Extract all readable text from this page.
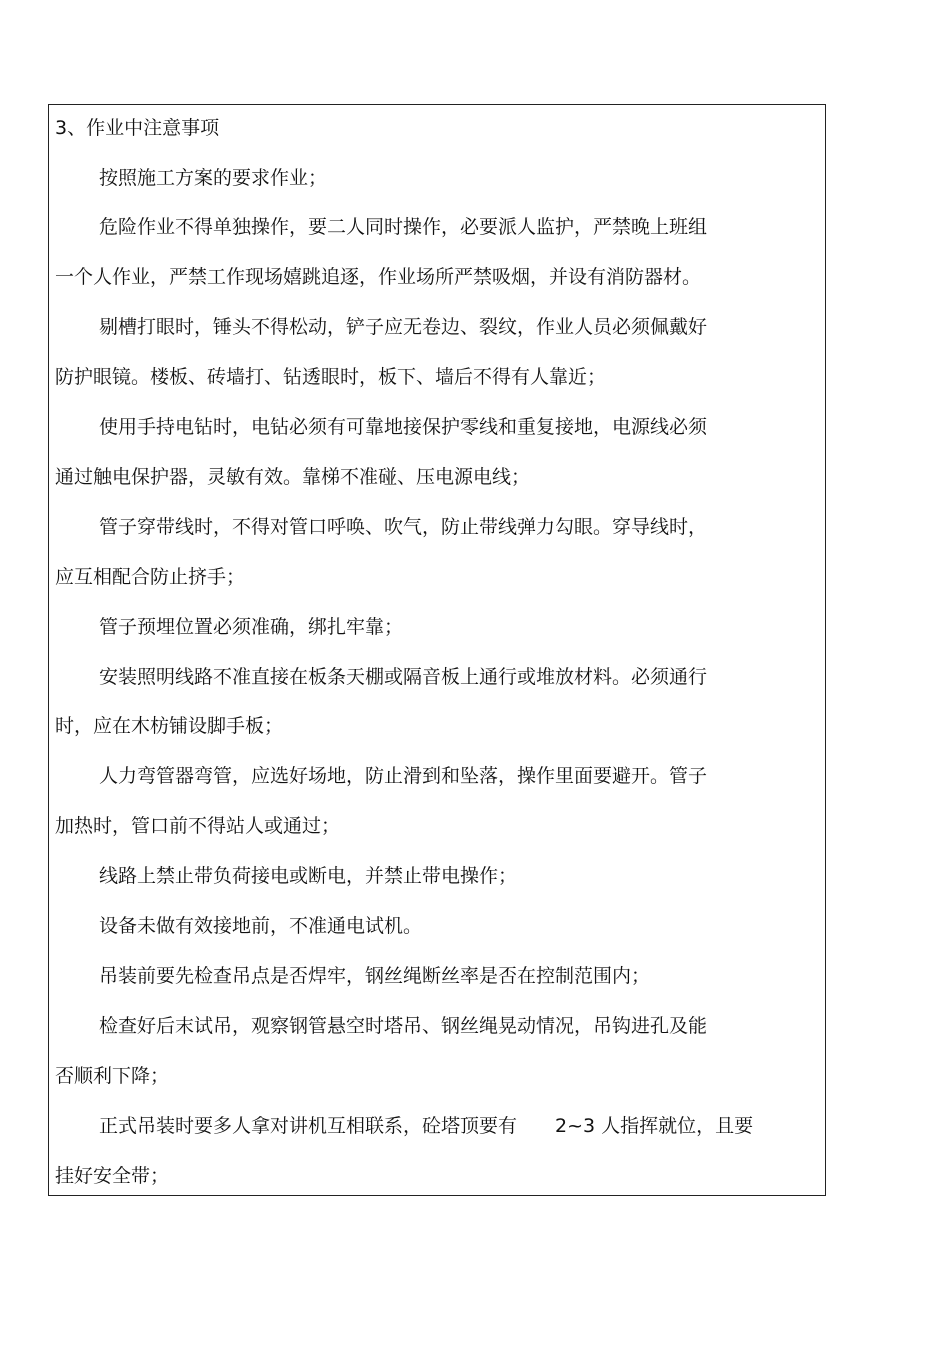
3、作业中注意事项
按照施工方案的要求作业；
危险作业不得单独操作，要二人同时操作，必要派人监护，严禁晚上班组
一个人作业，严禁工作现场嬉跳追逐，作业场所严禁吸烟，并设有消防器材。
剔槽打眼时，锤头不得松动，铲子应无卷边、裂纹，作业人员必须佩戴好
防护眼镜。楼板、砖墙打、钻透眼时，板下、墙后不得有人靠近；
使用手持电钻时，电钻必须有可靠地接保护零线和重复接地，电源线必须
通过触电保护器，灵敏有效。靠梯不准碰、压电源电线；
管子穿带线时，不得对管口呼唤、吹气，防止带线弹力勾眼。穿导线时，
应互相配合防止挤手；
管子预埋位置必须准确，绑扎牢靠；
安装照明线路不准直接在板条天棚或隔音板上通行或堆放材料。必须通行
时，应在木枋铺设脚手板；
人力弯管器弯管，应选好场地，防止滑到和坠落，操作里面要避开。管子
加热时，管口前不得站人或通过；
线路上禁止带负荷接电或断电，并禁止带电操作；
设备未做有效接地前，不准通电试机。
吊装前要先检查吊点是否焊牢，钢丝绳断丝率是否在控制范围内；
检查好后末试吊，观察钢管悬空时塔吊、钢丝绳晃动情况，吊钩进孔及能
否顺利下降；
正式吊装时要多人拿对讲机互相联系，砼塔顶要有　　2~3 人指挥就位，且要
挂好安全带；
